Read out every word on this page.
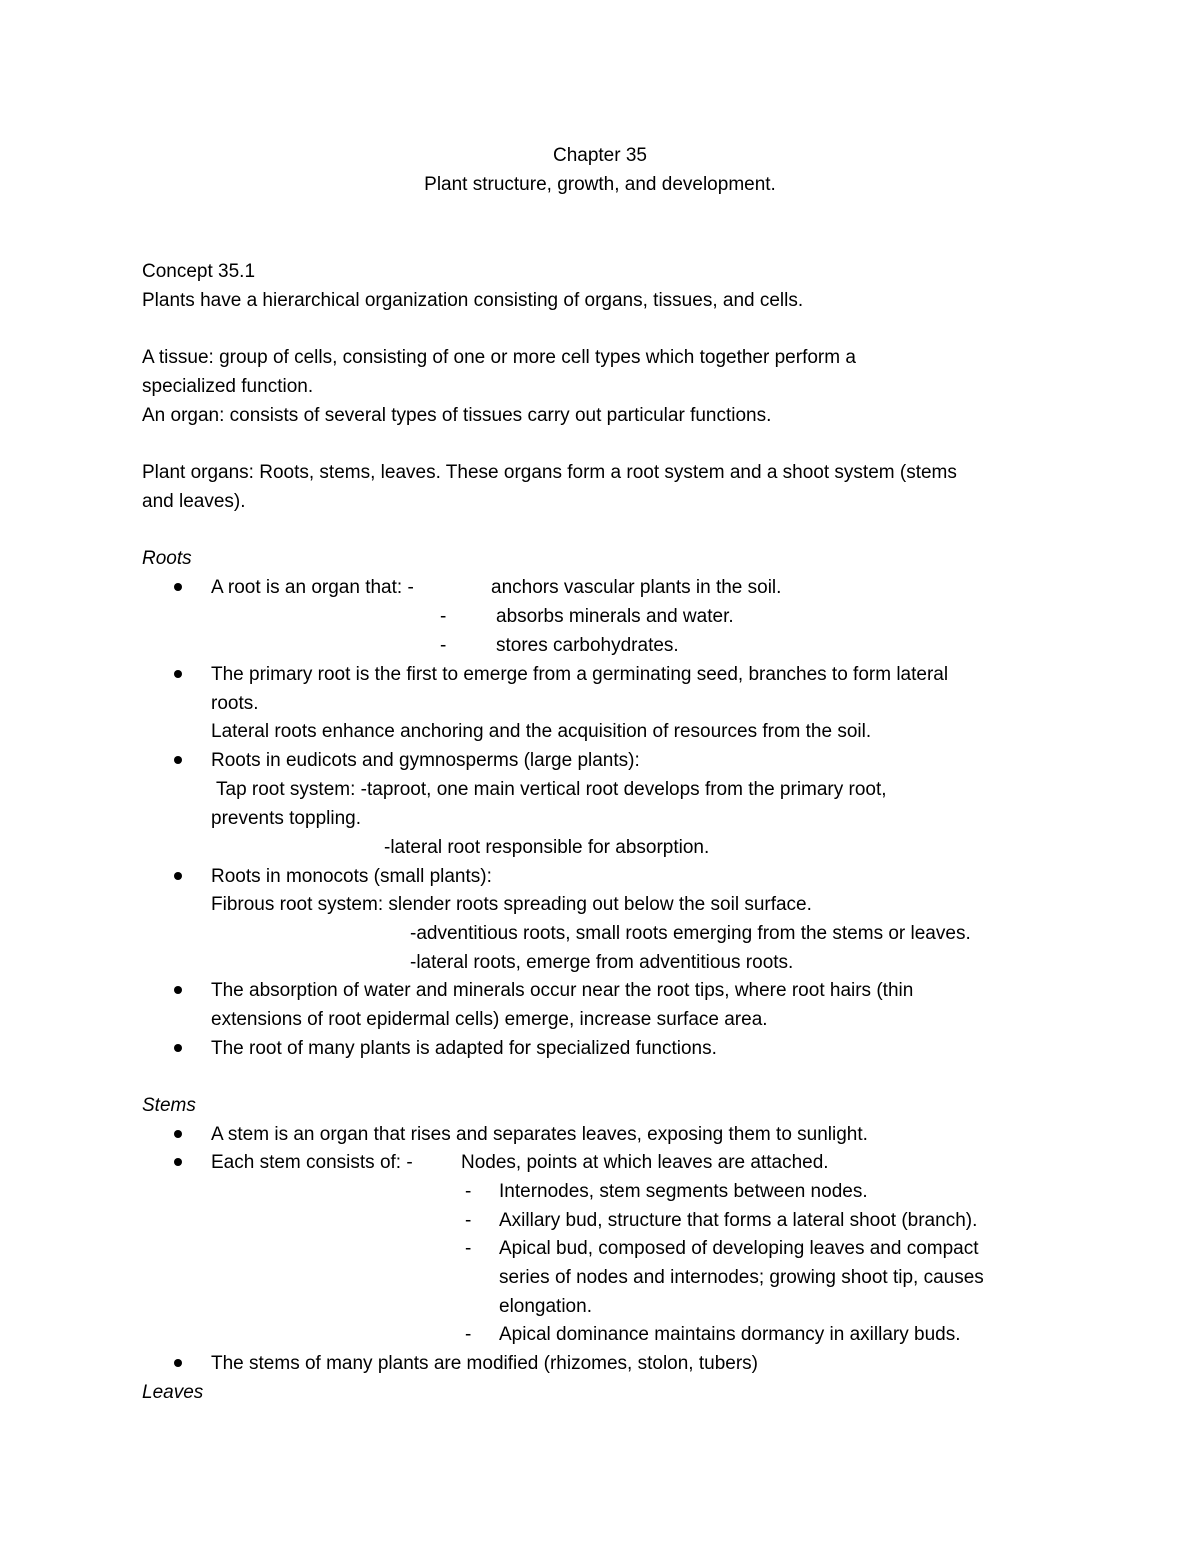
Chapter 35
Plant structure, growth, and development.
Concept 35.1
Plants have a hierarchical organization consisting of organs, tissues, and cells.
A tissue: group of cells, consisting of one or more cell types which together perform a
specialized function.
An organ: consists of several types of tissues carry out particular functions.
Plant organs: Roots, stems, leaves. These organs form a root system and a shoot system (stems
and leaves).
Roots
A root is an organ that: -	anchors vascular plants in the soil.
-	absorbs minerals and water.
-	stores carbohydrates.
The primary root is the first to emerge from a germinating seed, branches to form lateral
roots.
Lateral roots enhance anchoring and the acquisition of resources from the soil.
Roots in eudicots and gymnosperms (large plants):
Tap root system: -taproot, one main vertical root develops from the primary root,
prevents toppling.
-lateral root responsible for absorption.
Roots in monocots (small plants):
Fibrous root system: slender roots spreading out below the soil surface.
-adventitious roots, small roots emerging from the stems or leaves.
-lateral roots, emerge from adventitious roots.
The absorption of water and minerals occur near the root tips, where root hairs (thin
extensions of root epidermal cells) emerge, increase surface area.
The root of many plants is adapted for specialized functions.
Stems
A stem is an organ that rises and separates leaves, exposing them to sunlight.
Each stem consists of: -	Nodes, points at which leaves are attached.
- Internodes, stem segments between nodes.
- Axillary bud, structure that forms a lateral shoot (branch).
- Apical bud, composed of developing leaves and compact
series of nodes and internodes; growing shoot tip, causes
elongation.
- Apical dominance maintains dormancy in axillary buds.
The stems of many plants are modified (rhizomes, stolon, tubers)
Leaves
